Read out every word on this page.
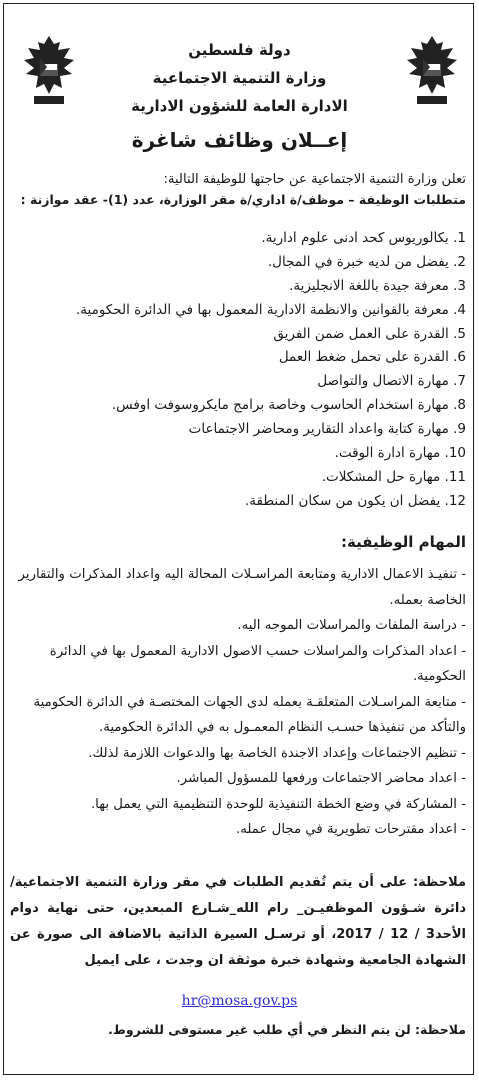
دولة فلسطين
وزارة التنمية الاجتماعية
الادارة العامة للشؤون الادارية
إعــلان وظائف شاغرة
تعلن وزارة التنمية الاجتماعية عن حاجتها للوظيفة التالية:
متطلبات الوظيفة – موظف/ة اداري/ة مقر الوزارة، عدد (1)- عقد موازنة :
1. بكالوريوس كحد ادنى علوم ادارية.
2. يفضل من لديه خبرة في المجال.
3. معرفة جيدة باللغة الانجليزية.
4. معرفة بالقوانين والانظمة الادارية المعمول بها في الدائرة الحكومية.
5. القدرة على العمل ضمن الفريق
6. القدرة على تحمل ضغط العمل
7. مهارة الاتصال والتواصل
8. مهارة استخدام الحاسوب وخاصة برامج مايكروسوفت اوفس.
9. مهارة كتابة واعداد التقارير ومحاضر الاجتماعات
10. مهارة ادارة الوقت.
11. مهارة حل المشكلات.
12. يفضل ان يكون من سكان المنطقة.
المهام الوظيفية:
- تنفيـذ الاعمال الادارية ومتابعة المراسـلات المحالة اليه واعداد المذكرات والتقارير الخاصة بعمله.
- دراسة الملفات والمراسلات الموجه اليه.
- اعداد المذكرات والمراسلات حسب الاصول الادارية المعمول بها في الدائرة الحكومية.
- متابعة المراسـلات المتعلقـة بعمله لدى الجهات المختصـة في الدائرة الحكومية والتأكد من تنفيذها حسـب النظام المعمـول به في الدائرة الحكومية.
- تنظيم الاجتماعات وإعداد الاجندة الخاصة بها والدعوات اللازمة لذلك.
- اعداد محاضر الاجتماعات ورفعها للمسؤول المباشر.
- المشاركة في وضع الخطة التنفيذية للوحدة التنظيمية التي يعمل بها.
- اعداد مقترحات تطويرية في مجال عمله.
ملاحظة: على أن يتم تُقديم الطلبات في مقر وزارة التنمية الاجتماعية/ دائرة شـؤون الموظفيـن_ رام الله_شـارع المبعدين، حتى نهاية دوام الأحد3 / 12 / 2017، أو ترسـل السيرة الذاتية بالاضافة الى صورة عن الشهادة الجامعية وشهادة خبرة موثقة ان وجدت ، على ايميل
hr@mosa.gov.ps
ملاحظة: لن يتم النظر في أي طلب غير مستوفى للشروط.
